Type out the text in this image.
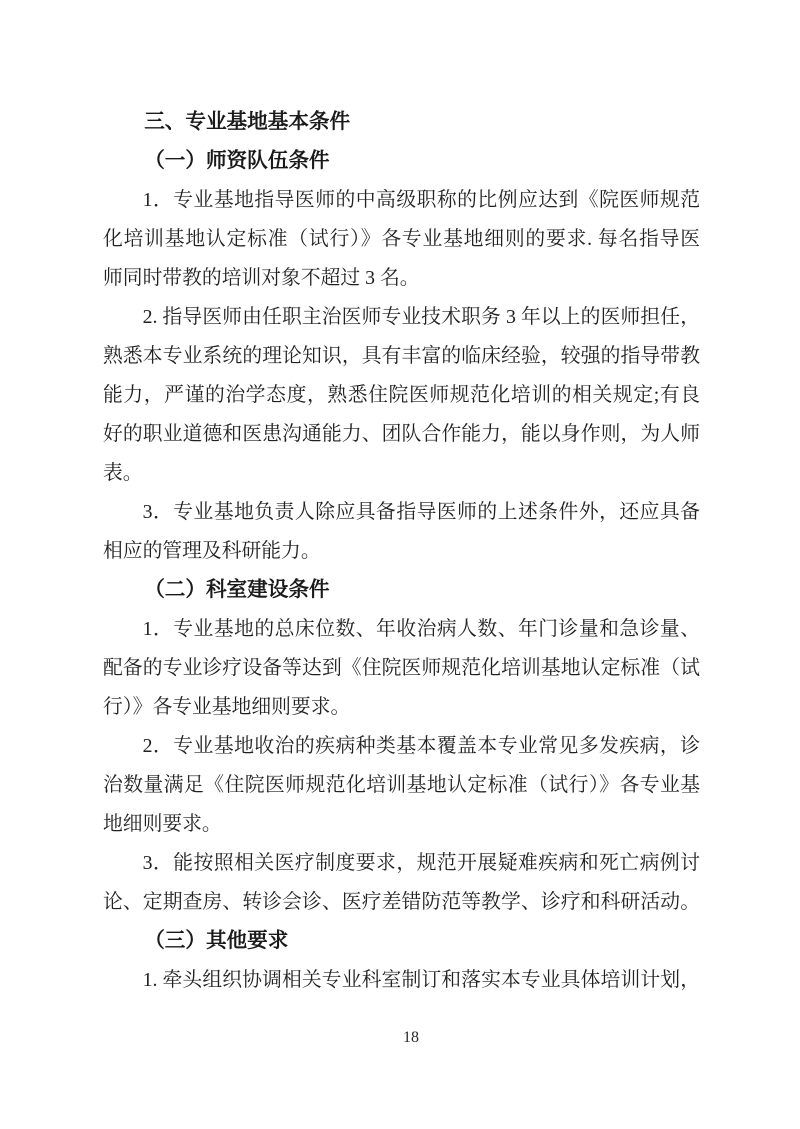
三、专业基地基本条件
（一）师资队伍条件
1．专业基地指导医师的中高级职称的比例应达到《院医师规范
化培训基地认定标准（试行）》各专业基地细则的要求. 每名指导医
师同时带教的培训对象不超过 3 名。
2. 指导医师由任职主治医师专业技术职务 3 年以上的医师担任，
熟悉本专业系统的理论知识，具有丰富的临床经验，较强的指导带教
能力，严谨的治学态度，熟悉住院医师规范化培训的相关规定;有良
好的职业道德和医患沟通能力、团队合作能力，能以身作则，为人师
表。
3．专业基地负责人除应具备指导医师的上述条件外，还应具备
相应的管理及科研能力。
（二）科室建设条件
1．专业基地的总床位数、年收治病人数、年门诊量和急诊量、
配备的专业诊疗设备等达到《住院医师规范化培训基地认定标准（试
行）》各专业基地细则要求。
2．专业基地收治的疾病种类基本覆盖本专业常见多发疾病，诊
治数量满足《住院医师规范化培训基地认定标准（试行）》各专业基
地细则要求。
3．能按照相关医疗制度要求，规范开展疑难疾病和死亡病例讨
论、定期查房、转诊会诊、医疗差错防范等教学、诊疗和科研活动。
（三）其他要求
1. 牵头组织协调相关专业科室制订和落实本专业具体培训计划，
18
